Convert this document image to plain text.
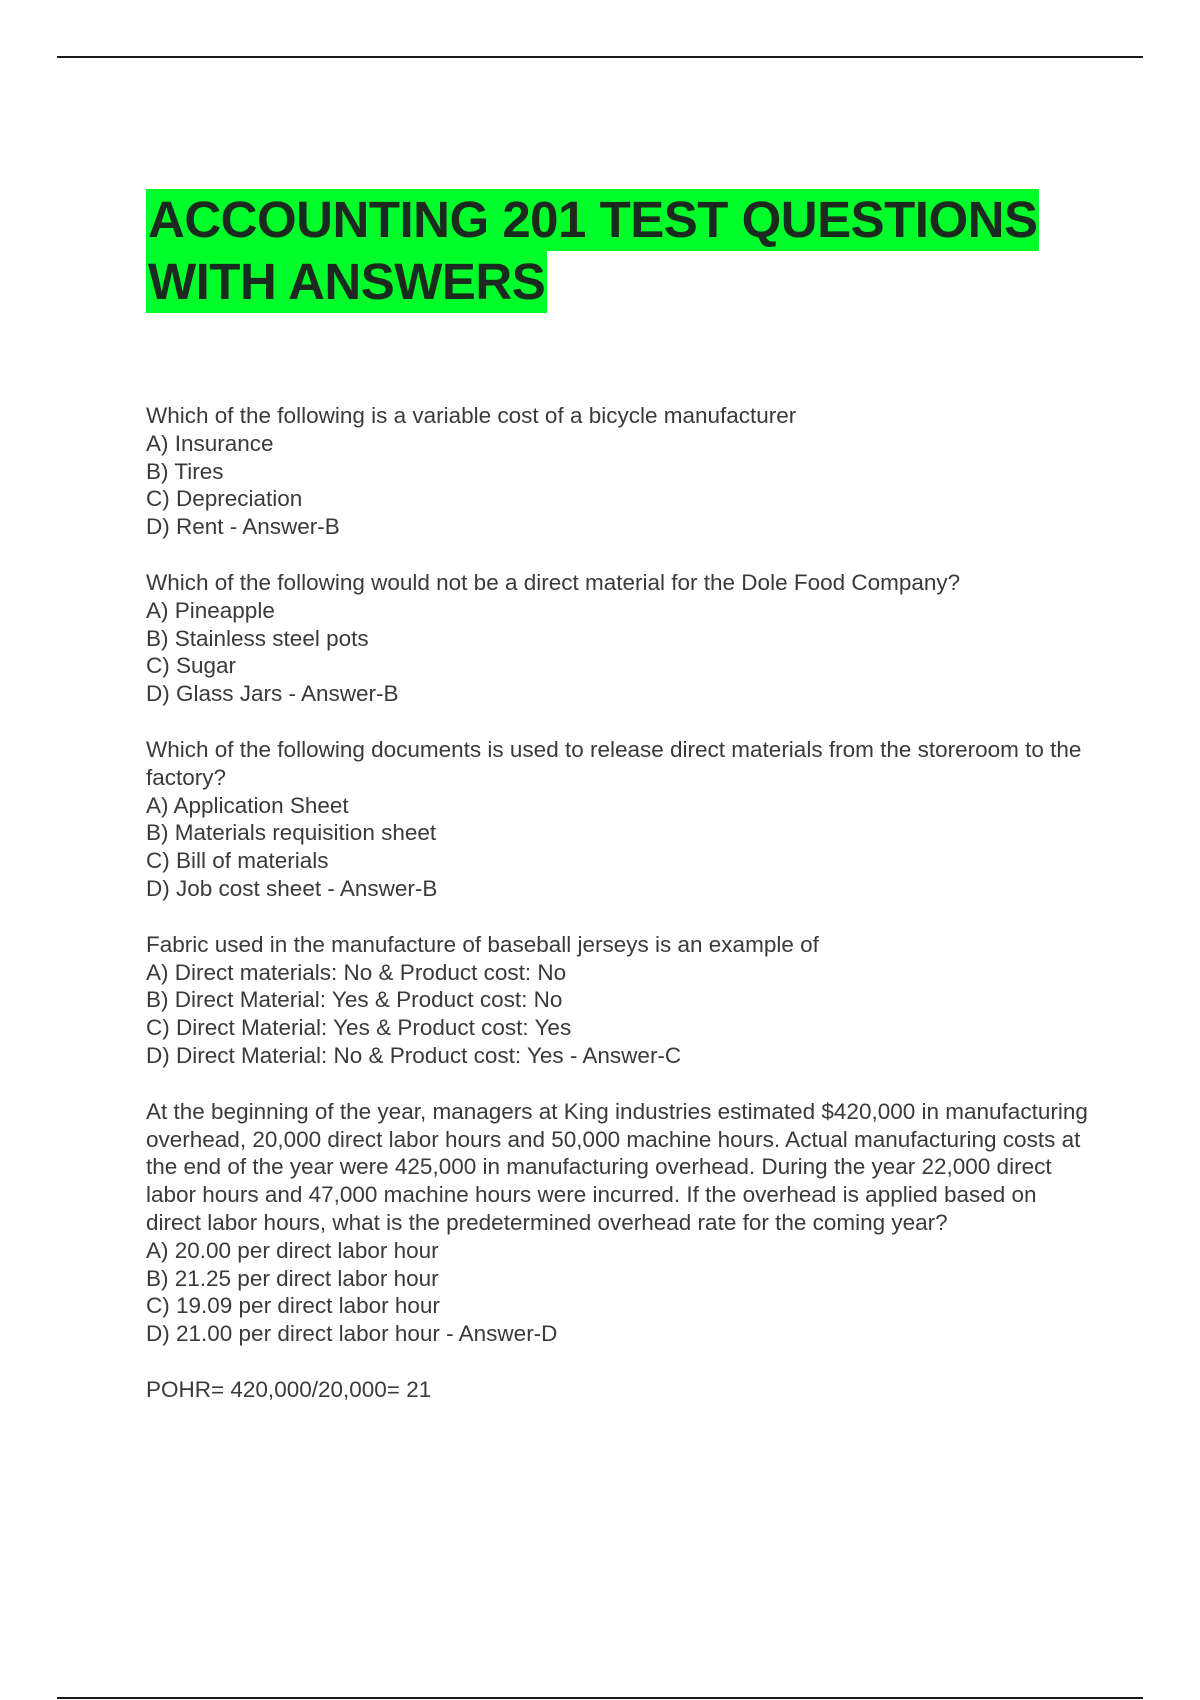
ACCOUNTING 201 TEST QUESTIONS
WITH ANSWERS
Which of the following is a variable cost of a bicycle manufacturer
A) Insurance
B) Tires
C) Depreciation
D) Rent - Answer-B
Which of the following would not be a direct material for the Dole Food Company?
A) Pineapple
B) Stainless steel pots
C) Sugar
D) Glass Jars - Answer-B
Which of the following documents is used to release direct materials from the storeroom to the factory?
A) Application Sheet
B) Materials requisition sheet
C) Bill of materials
D) Job cost sheet - Answer-B
Fabric used in the manufacture of baseball jerseys is an example of
A) Direct materials: No & Product cost: No
B) Direct Material: Yes & Product cost: No
C) Direct Material: Yes & Product cost: Yes
D) Direct Material: No & Product cost: Yes - Answer-C
At the beginning of the year, managers at King industries estimated $420,000 in manufacturing overhead, 20,000 direct labor hours and 50,000 machine hours. Actual manufacturing costs at the end of the year were 425,000 in manufacturing overhead. During the year 22,000 direct labor hours and 47,000 machine hours were incurred. If the overhead is applied based on direct labor hours, what is the predetermined overhead rate for the coming year?
A) 20.00 per direct labor hour
B) 21.25 per direct labor hour
C) 19.09 per direct labor hour
D) 21.00 per direct labor hour - Answer-D
POHR= 420,000/20,000= 21
